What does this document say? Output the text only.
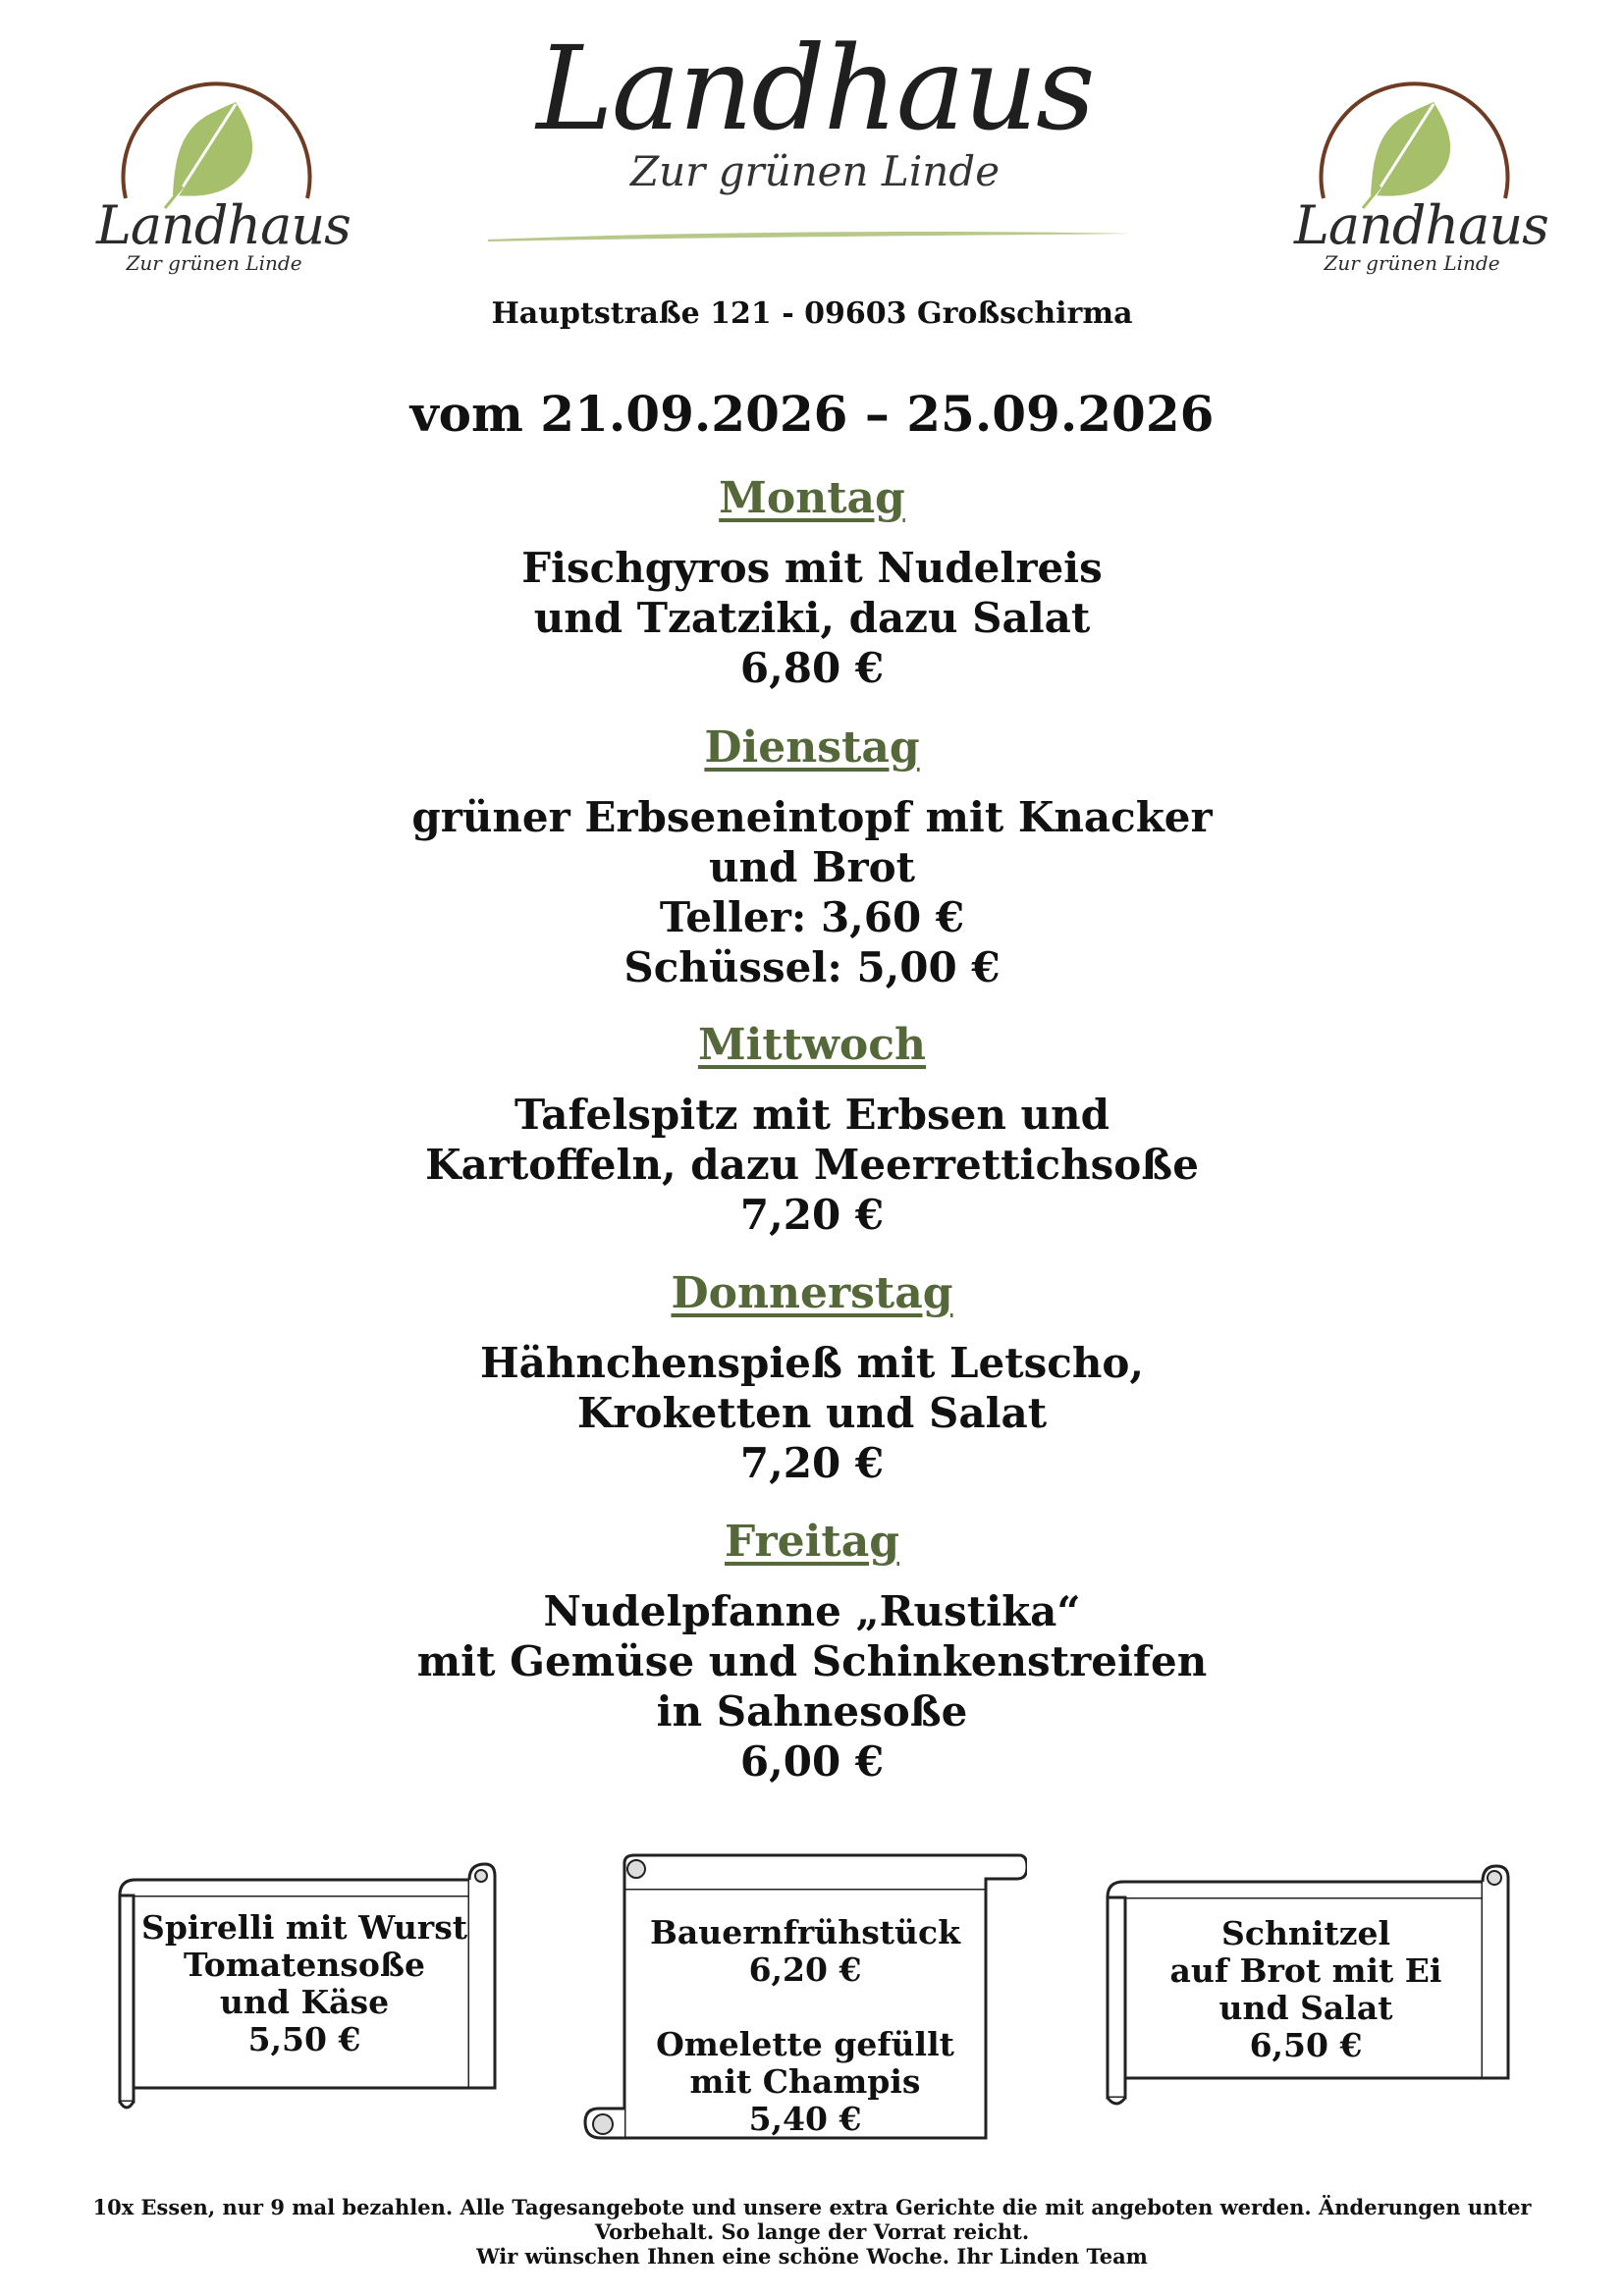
Landhaus
Zur grünen Linde
Landhaus
Zur grünen Linde
Landhaus
Zur grünen Linde
Hauptstraße 121 - 09603 Großschirma
vom 21.09.2026 – 25.09.2026
Montag
Fischgyros mit Nudelreis
und Tzatziki, dazu Salat
6,80 €
Dienstag
grüner Erbseneintopf mit Knacker
und Brot
Teller: 3,60 €
Schüssel: 5,00 €
Mittwoch
Tafelspitz mit Erbsen und
Kartoffeln, dazu Meerrettichsoße
7,20 €
Donnerstag
Hähnchenspieß mit Letscho,
Kroketten und Salat
7,20 €
Freitag
Nudelpfanne „Rustika“
mit Gemüse und Schinkenstreifen
in Sahnesoße
6,00 €
Spirelli mit Wurst
Tomatensoße
und Käse
5,50 €
Bauernfrühstück
6,20 €
Omelette gefüllt
mit Champis
5,40 €
Schnitzel
auf Brot mit Ei
und Salat
6,50 €
10x Essen, nur 9 mal bezahlen. Alle Tagesangebote und unsere extra Gerichte die mit angeboten werden. Änderungen unter
Vorbehalt. So lange der Vorrat reicht.
Wir wünschen Ihnen eine schöne Woche. Ihr Linden Team
